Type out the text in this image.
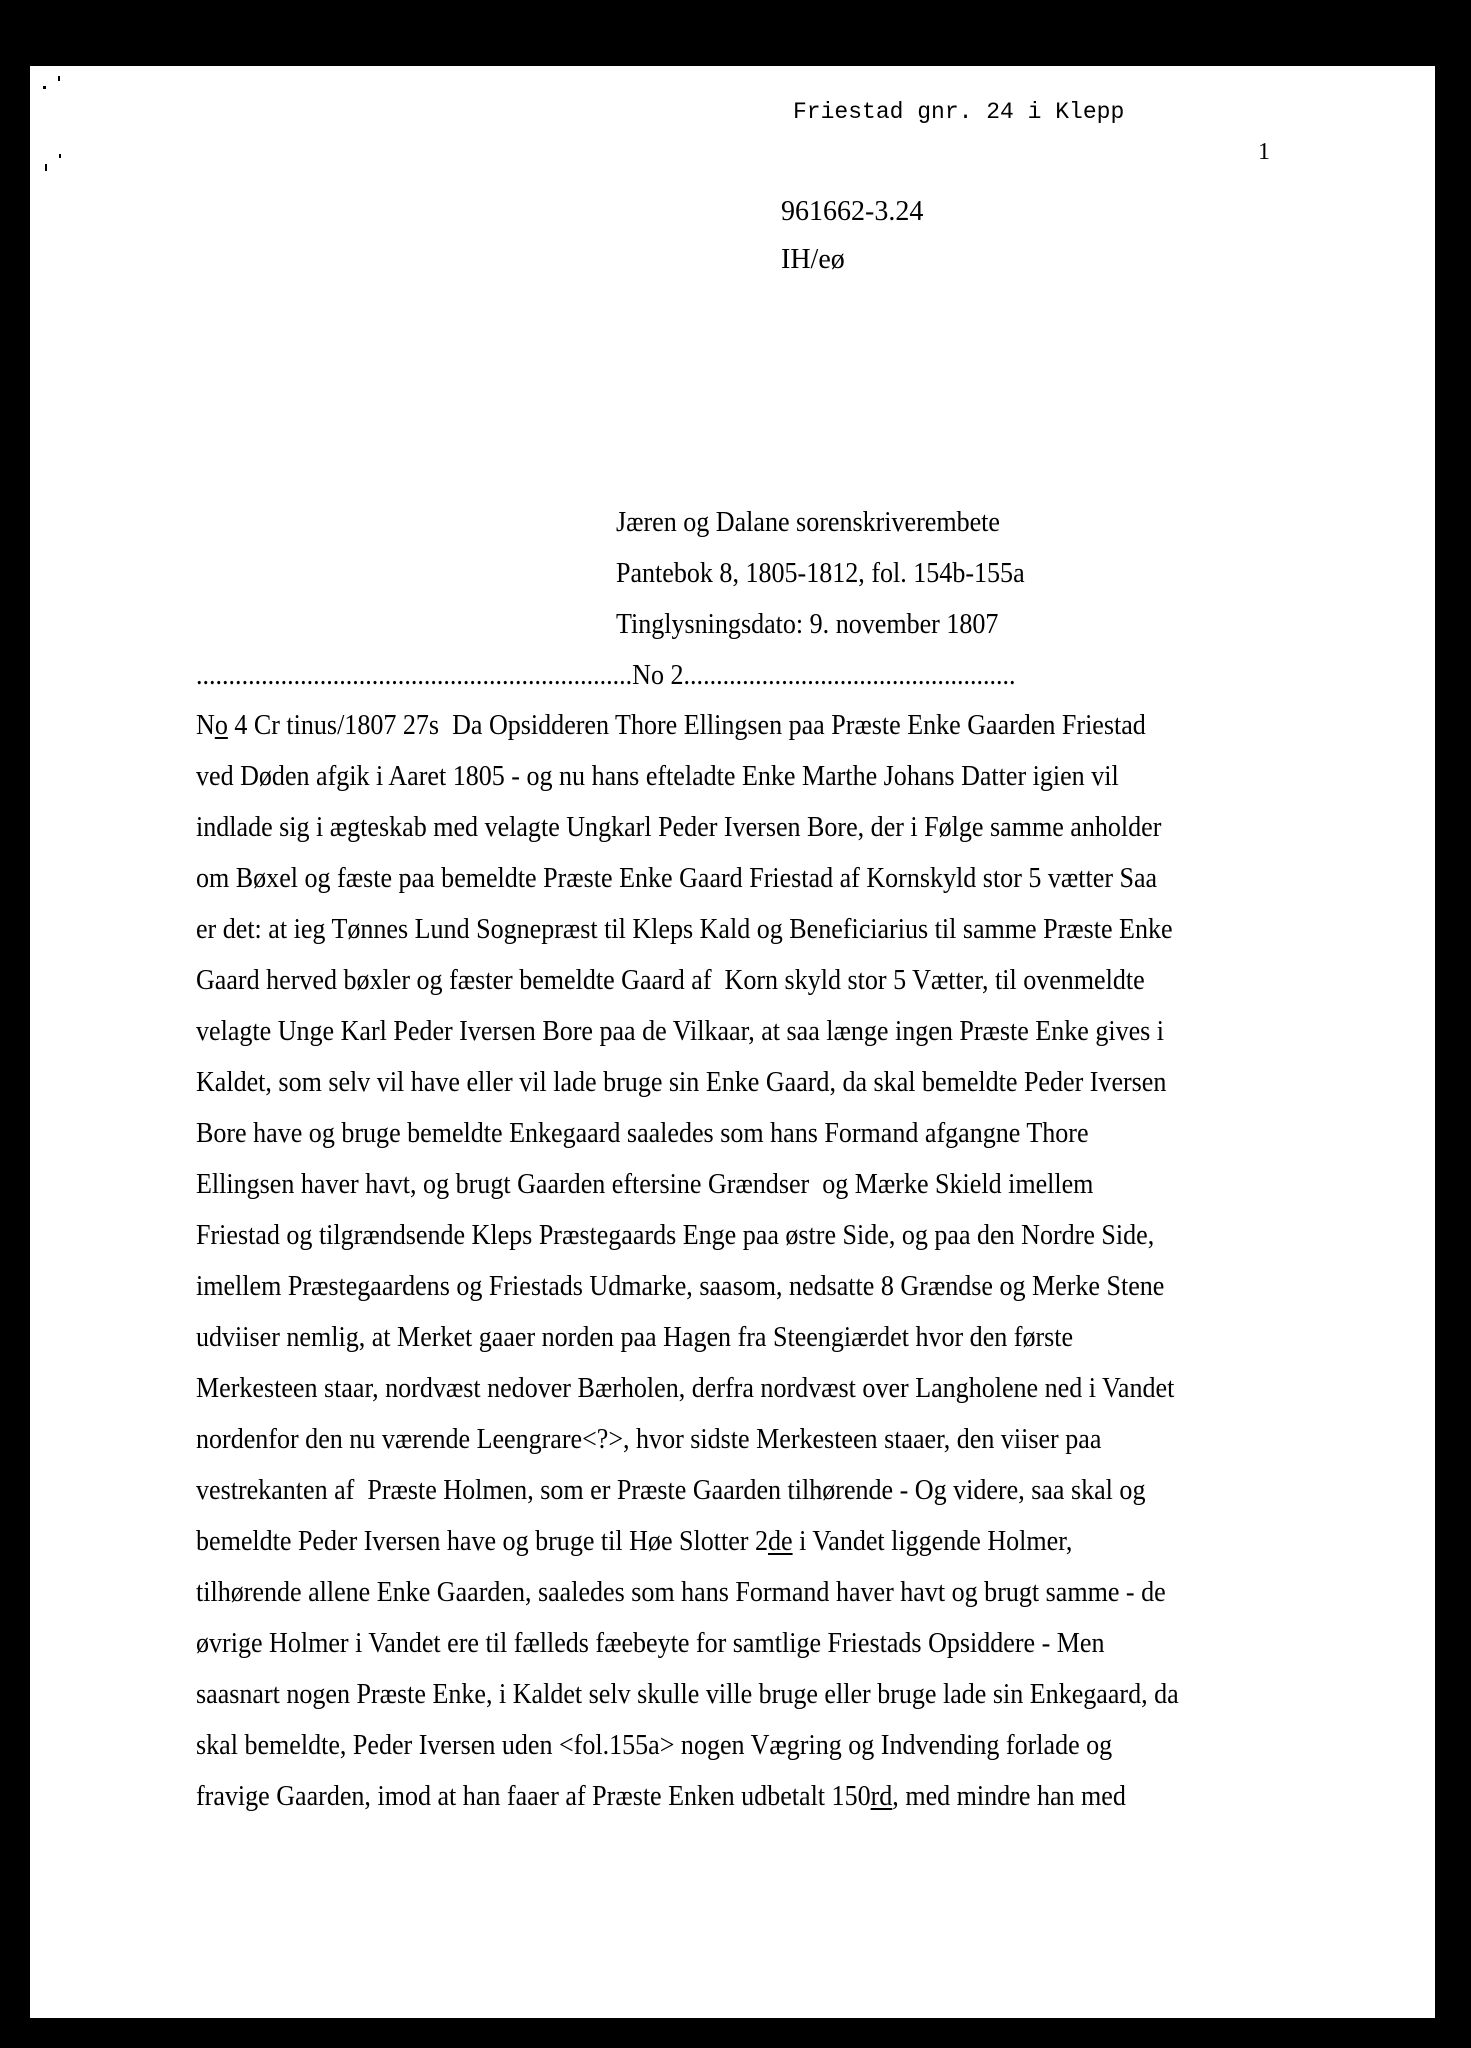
Friestad gnr. 24 i Klepp
1
961662-3.24
IH/eø
Jæren og Dalane sorenskriverembete
Pantebok 8, 1805-1812, fol. 154b-155a
Tinglysningsdato: 9. november 1807
...................................................................No 2...................................................
No 4 Cr tinus/1807 27s  Da Opsidderen Thore Ellingsen paa Præste Enke Gaarden Friestad
ved Døden afgik i Aaret 1805 - og nu hans efteladte Enke Marthe Johans Datter igien vil
indlade sig i ægteskab med velagte Ungkarl Peder Iversen Bore, der i Følge samme anholder
om Bøxel og fæste paa bemeldte Præste Enke Gaard Friestad af Kornskyld stor 5 vætter Saa
er det: at ieg Tønnes Lund Sognepræst til Kleps Kald og Beneficiarius til samme Præste Enke
Gaard herved bøxler og fæster bemeldte Gaard af  Korn skyld stor 5 Vætter, til ovenmeldte
velagte Unge Karl Peder Iversen Bore paa de Vilkaar, at saa længe ingen Præste Enke gives i
Kaldet, som selv vil have eller vil lade bruge sin Enke Gaard, da skal bemeldte Peder Iversen
Bore have og bruge bemeldte Enkegaard saaledes som hans Formand afgangne Thore
Ellingsen haver havt, og brugt Gaarden eftersine Grændser  og Mærke Skield imellem
Friestad og tilgrændsende Kleps Præstegaards Enge paa østre Side, og paa den Nordre Side,
imellem Præstegaardens og Friestads Udmarke, saasom, nedsatte 8 Grændse og Merke Stene
udviiser nemlig, at Merket gaaer norden paa Hagen fra Steengiærdet hvor den første
Merkesteen staar, nordvæst nedover Bærholen, derfra nordvæst over Langholene ned i Vandet
nordenfor den nu værende Leengrare<?>, hvor sidste Merkesteen staaer, den viiser paa
vestrekanten af  Præste Holmen, som er Præste Gaarden tilhørende - Og videre, saa skal og
bemeldte Peder Iversen have og bruge til Høe Slotter 2de i Vandet liggende Holmer,
tilhørende allene Enke Gaarden, saaledes som hans Formand haver havt og brugt samme - de
øvrige Holmer i Vandet ere til fælleds fæebeyte for samtlige Friestads Opsiddere - Men
saasnart nogen Præste Enke, i Kaldet selv skulle ville bruge eller bruge lade sin Enkegaard, da
skal bemeldte, Peder Iversen uden <fol.155a> nogen Vægring og Indvending forlade og
fravige Gaarden, imod at han faaer af Præste Enken udbetalt 150rd, med mindre han med
